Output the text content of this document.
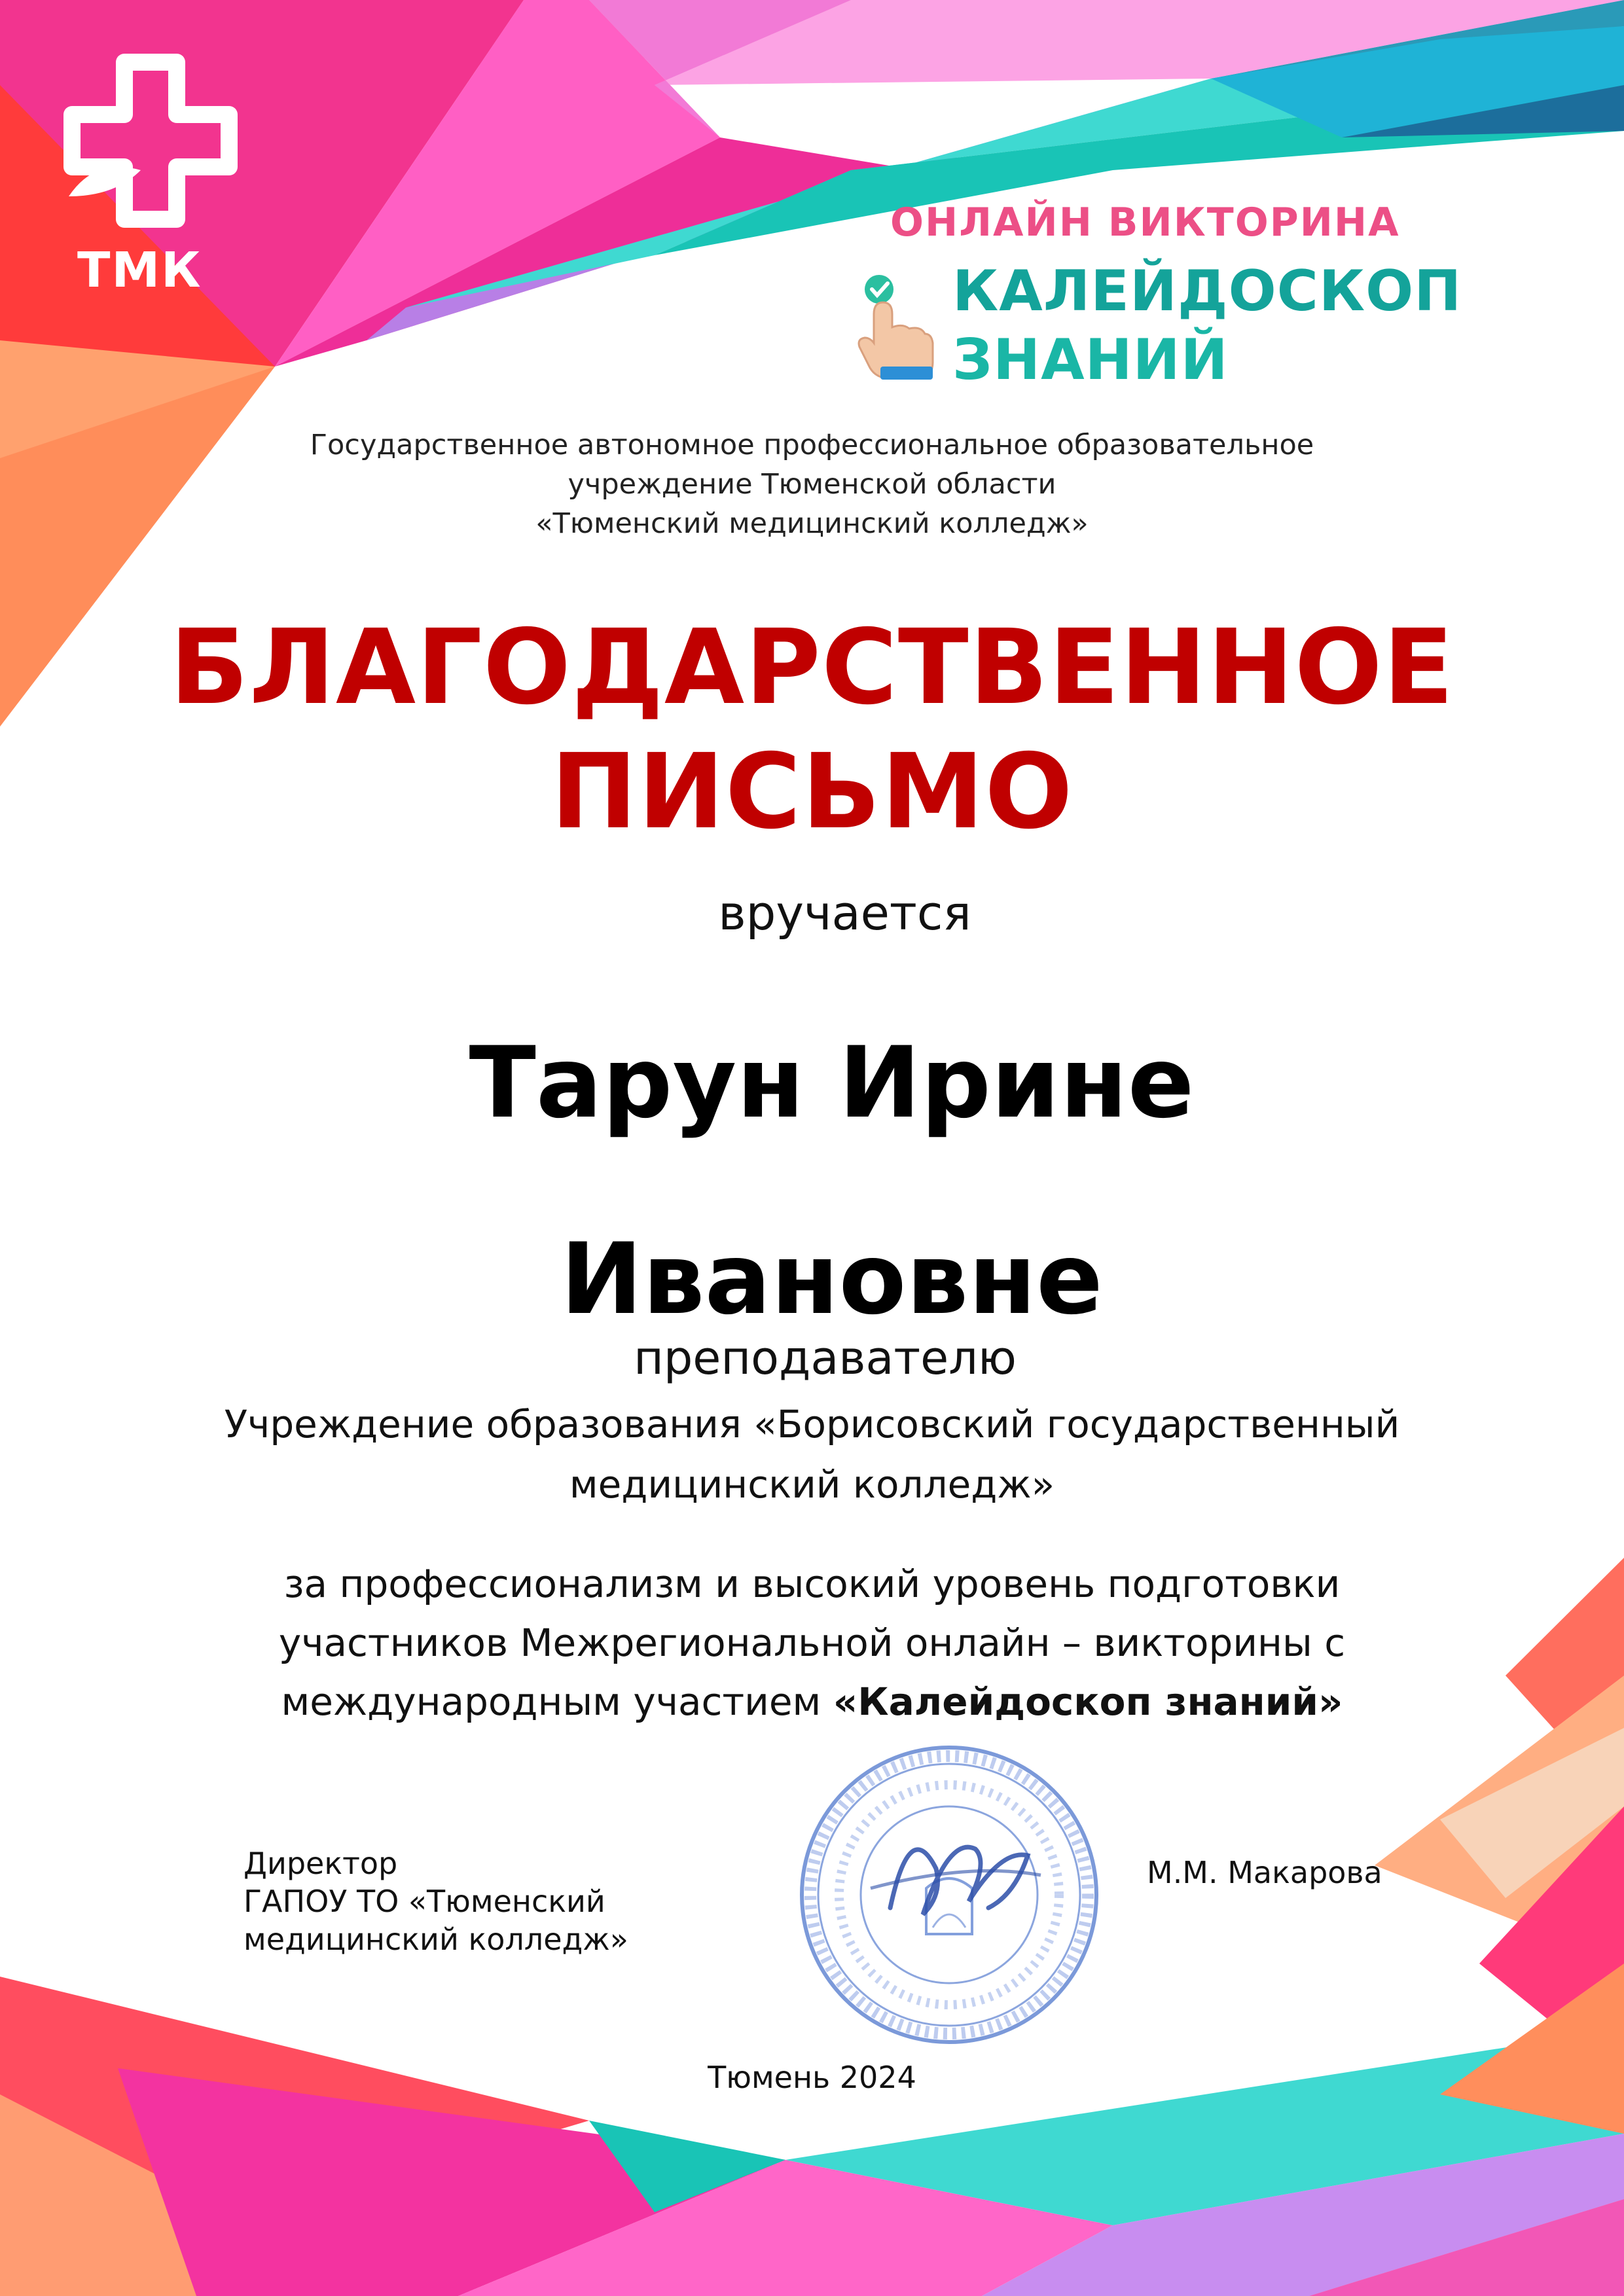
ТМК
ОНЛАЙН ВИКТОРИНА
КАЛЕЙДОСКОП
ЗНАНИЙ
Государственное автономное профессиональное образовательное
учреждение Тюменской области
«Тюменский медицинский колледж»
БЛАГОДАРСТВЕННОЕ
ПИСЬМО
вручается
Тарун Ирине
Ивановне
преподавателю
Учреждение образования «Борисовский государственный
медицинский колледж»
за профессионализм и высокий уровень подготовки
участников Межрегиональной онлайн – викторины с
международным участием «Калейдоскоп знаний»
Директор
ГАПОУ ТО «Тюменский
медицинский колледж»
М.М. Макарова
Тюмень 2024
